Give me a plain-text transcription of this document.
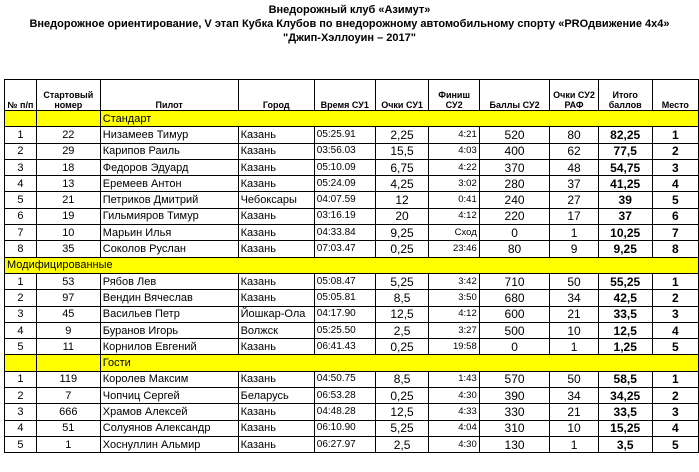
Внедорожный клуб «Азимут»
Внедорожное ориентирование, V этап Кубка Клубов по внедорожному автомобильному спорту «PROдвижение 4х4»
"Джип-Хэллоуин – 2017"
№ п/п	Стартовый номер	Пилот	Город	Время СУ1	Очки СУ1	Финиш СУ2	Баллы СУ2	Очки СУ2 РАФ	Итого баллов	Место
		Стандарт								
1	22	Низамеев Тимур	Казань	05:25.91	2,25	4:21	520	80	82,25	1
2	29	Карипов Раиль	Казань	03:56.03	15,5	4:03	400	62	77,5	2
3	18	Федоров Эдуард	Казань	05:10.09	6,75	4:22	370	48	54,75	3
4	13	Еремеев Антон	Казань	05:24.09	4,25	3:02	280	37	41,25	4
5	21	Петриков Дмитрий	Чебоксары	04:07.59	12	0:41	240	27	39	5
6	19	Гильмияров Тимур	Казань	03:16.19	20	4:12	220	17	37	6
7	10	Марьин Илья	Казань	04:33.84	9,25	Сход	0	1	10,25	7
8	35	Соколов Руслан	Казань	07:03.47	0,25	23:46	80	9	9,25	8
Модифицированные										
1	53	Рябов Лев	Казань	05:08.47	5,25	3:42	710	50	55,25	1
2	97	Вендин Вячеслав	Казань	05:05.81	8,5	3:50	680	34	42,5	2
3	45	Васильев Петр	Йошкар-Ола	04:17.90	12,5	4:12	600	21	33,5	3
4	9	Буранов Игорь	Волжск	05:25.50	2,5	3:27	500	10	12,5	4
5	11	Корнилов Евгений	Казань	06:41.43	0,25	19:58	0	1	1,25	5
		Гости								
1	119	Королев Максим	Казань	04:50.75	8,5	1:43	570	50	58,5	1
2	7	Чопчиц Сергей	Беларусь	06:53.28	0,25	4:30	390	34	34,25	2
3	666	Храмов Алексей	Казань	04:48.28	12,5	4:33	330	21	33,5	3
4	51	Солуянов Александр	Казань	06:10.90	5,25	4:04	310	10	15,25	4
5	1	Хоснуллин Альмир	Казань	06:27.97	2,5	4:30	130	1	3,5	5
